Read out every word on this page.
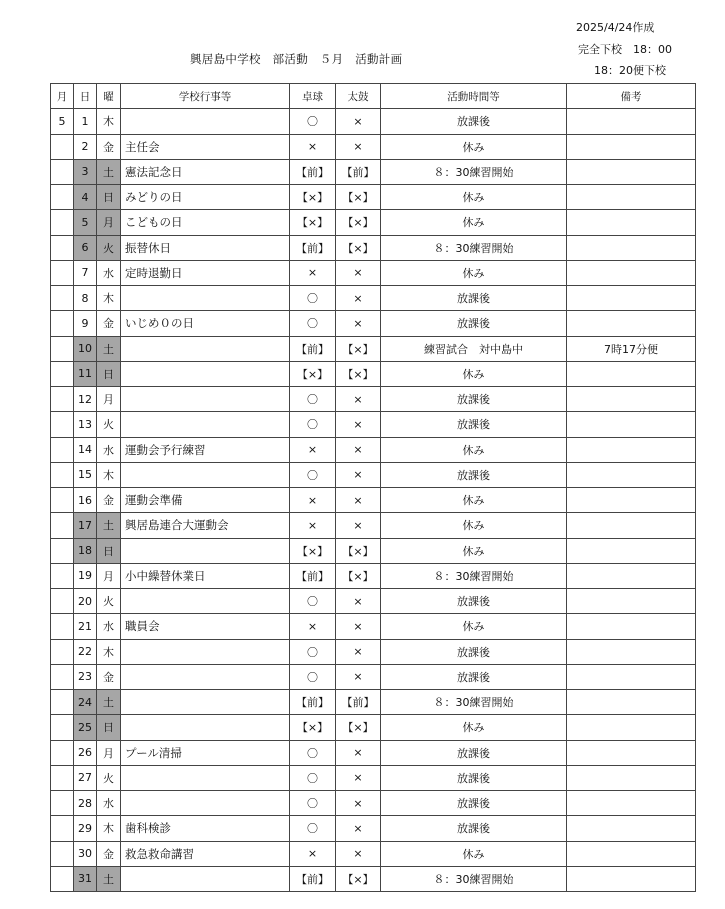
2025/4/24作成
興居島中学校　部活動　５月　活動計画
完全下校　18：00
18：20便下校
月	日	曜	学校行事等	卓球	太鼓	活動時間等	備考
5	1	木		〇	×	放課後	
	2	金	主任会	×	×	休み	
	3	土	憲法記念日	【前】	【前】	８：30練習開始	
	4	日	みどりの日	【×】	【×】	休み	
	5	月	こどもの日	【×】	【×】	休み	
	6	火	振替休日	【前】	【×】	８：30練習開始	
	7	水	定時退勤日	×	×	休み	
	8	木		〇	×	放課後	
	9	金	いじめ０の日	〇	×	放課後	
	10	土		【前】	【×】	練習試合　対中島中	7時17分便
	11	日		【×】	【×】	休み	
	12	月		〇	×	放課後	
	13	火		〇	×	放課後	
	14	水	運動会予行練習	×	×	休み	
	15	木		〇	×	放課後	
	16	金	運動会準備	×	×	休み	
	17	土	興居島連合大運動会	×	×	休み	
	18	日		【×】	【×】	休み	
	19	月	小中繰替休業日	【前】	【×】	８：30練習開始	
	20	火		〇	×	放課後	
	21	水	職員会	×	×	休み	
	22	木		〇	×	放課後	
	23	金		〇	×	放課後	
	24	土		【前】	【前】	８：30練習開始	
	25	日		【×】	【×】	休み	
	26	月	プール清掃	〇	×	放課後	
	27	火		〇	×	放課後	
	28	水		〇	×	放課後	
	29	木	歯科検診	〇	×	放課後	
	30	金	救急救命講習	×	×	休み	
	31	土		【前】	【×】	８：30練習開始	
